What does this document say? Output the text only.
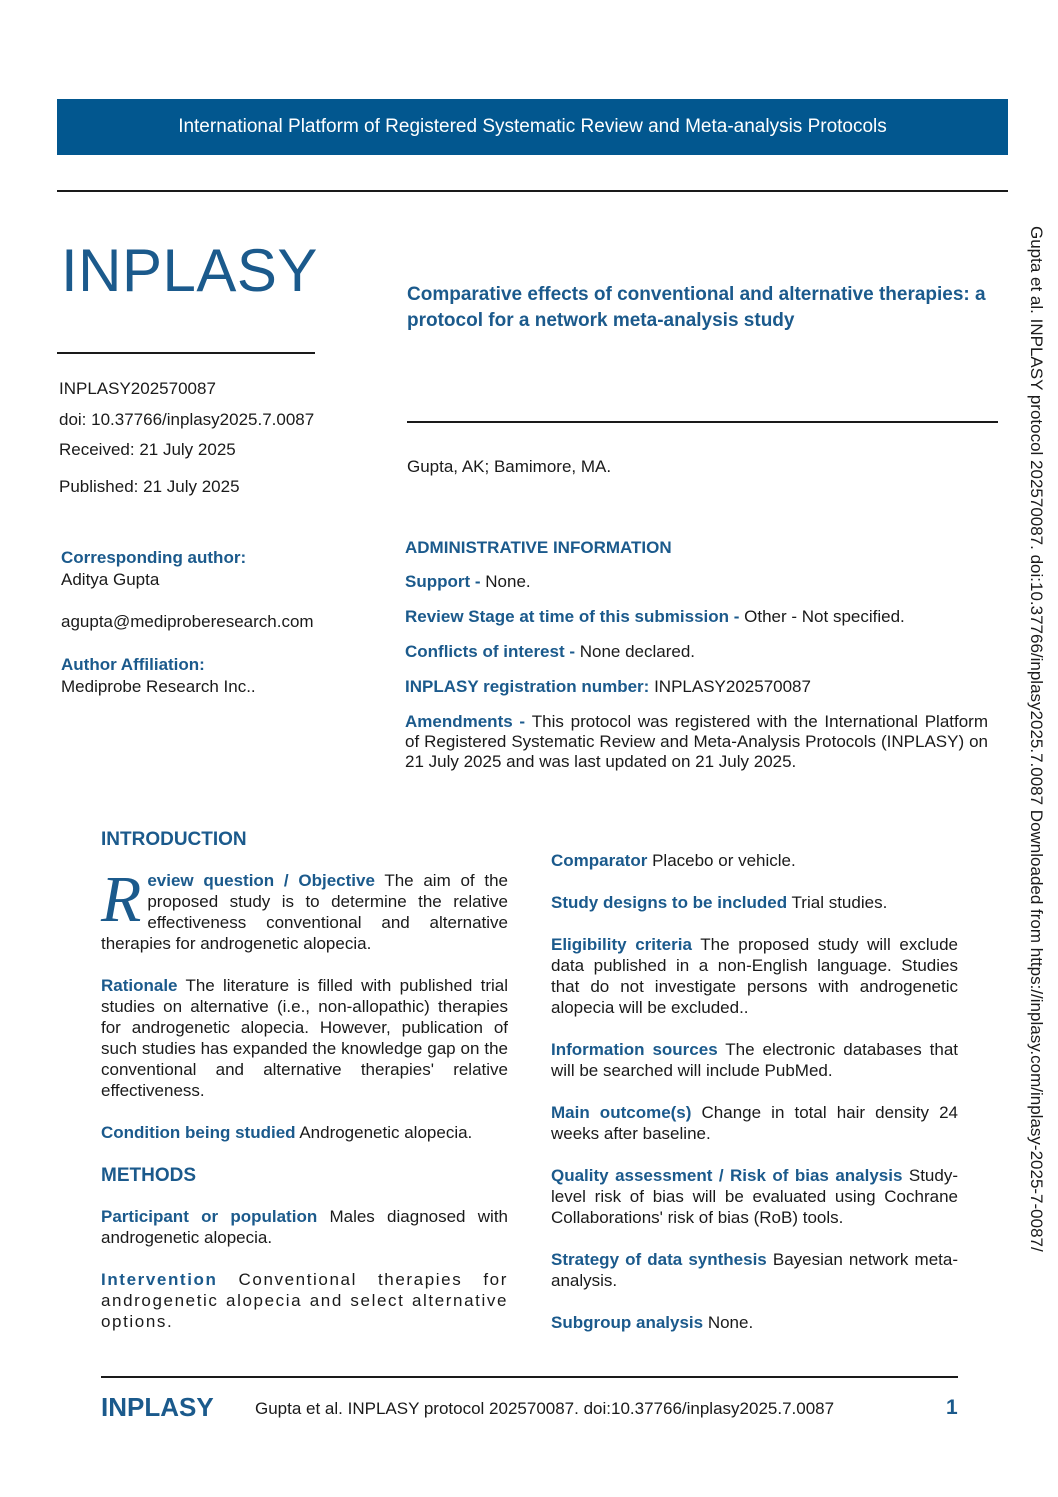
International Platform of Registered Systematic Review and Meta-analysis Protocols
INPLASY	Comparative effects of conventional and alternative therapies: a protocol for a network meta-analysis study
INPLASY202570087
doi: 10.37766/inplasy2025.7.0087
Received: 21 July 2025
Published: 21 July 2025
Gupta, AK; Bamimore, MA.
Corresponding author:
Aditya Gupta
agupta@mediproberesearch.com
Author Affiliation:
Mediprobe Research Inc..
ADMINISTRATIVE INFORMATION
Support - None.
Review Stage at time of this submission - Other - Not specified.
Conflicts of interest - None declared.
INPLASY registration number: INPLASY202570087
Amendments - This protocol was registered with the International Platform of Registered Systematic Review and Meta-Analysis Protocols (INPLASY) on 21 July 2025 and was last updated on 21 July 2025.
INTRODUCTION
Review question / Objective The aim of the proposed study is to determine the relative effectiveness conventional and alternative therapies for androgenetic alopecia.
Rationale The literature is filled with published trial studies on alternative (i.e., non-allopathic) therapies for androgenetic alopecia. However, publication of such studies has expanded the knowledge gap on the conventional and alternative therapies' relative effectiveness.
Condition being studied Androgenetic alopecia.
METHODS
Participant or population Males diagnosed with androgenetic alopecia.
Intervention Conventional therapies for androgenetic alopecia and select alternative options.
Comparator Placebo or vehicle.
Study designs to be included Trial studies.
Eligibility criteria The proposed study will exclude data published in a non-English language. Studies that do not investigate persons with androgenetic alopecia will be excluded..
Information sources The electronic databases that will be searched will include PubMed.
Main outcome(s) Change in total hair density 24 weeks after baseline.
Quality assessment / Risk of bias analysis Study-level risk of bias will be evaluated using Cochrane Collaborations' risk of bias (RoB) tools.
Strategy of data synthesis Bayesian network meta-analysis.
Subgroup analysis None.
INPLASY Gupta et al. INPLASY protocol 202570087. doi:10.37766/inplasy2025.7.0087	1
Gupta et al. INPLASY protocol 202570087. doi:10.37766/inplasy2025.7.0087 Downloaded from https://inplasy.com/inplasy-2025-7-0087/
